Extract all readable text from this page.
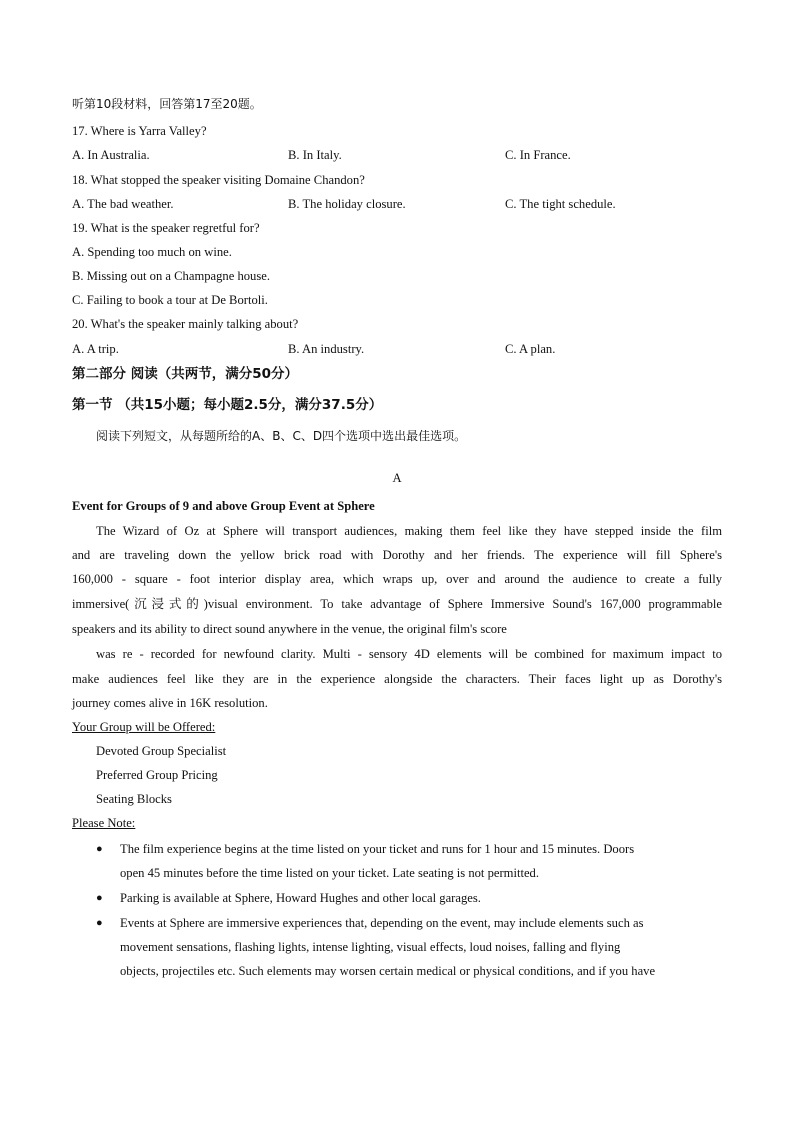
听第10段材料，回答第17至20题。
17. Where is Yarra Valley?
A. In Australia.	B. In Italy.	C. In France.
18. What stopped the speaker visiting Domaine Chandon?
A. The bad weather.	B. The holiday closure.	C. The tight schedule.
19. What is the speaker regretful for?
A. Spending too much on wine.
B. Missing out on a Champagne house.
C. Failing to book a tour at De Bortoli.
20. What's the speaker mainly talking about?
A. A trip.	B. An industry.	C. A plan.
第二部分 阅读（共两节，满分50分）
第一节 （共15小题；每小题2.5分，满分37.5分）
阅读下列短文，从每题所给的A、B、C、D四个选项中选出最佳选项。
A
Event for Groups of 9 and above Group Event at Sphere
The Wizard of Oz at Sphere will transport audiences, making them feel like they have stepped inside the film
and are traveling down the yellow brick road with Dorothy and her friends. The experience will fill Sphere's
160,000 - square - foot interior display area, which wraps up, over and around the audience to create a fully
immersive(沉浸式的)visual environment. To take advantage of Sphere Immersive Sound's 167,000 programmable
speakers and its ability to direct sound anywhere in the venue, the original film's score
was re - recorded for newfound clarity. Multi - sensory 4D elements will be combined for maximum impact to
make audiences feel like they are in the experience alongside the characters. Their faces light up as Dorothy's
journey comes alive in 16K resolution.
Your Group will be Offered:
Devoted Group Specialist
Preferred Group Pricing
Seating Blocks
Please Note:
● The film experience begins at the time listed on your ticket and runs for 1 hour and 15 minutes. Doors
open 45 minutes before the time listed on your ticket. Late seating is not permitted.
● Parking is available at Sphere, Howard Hughes and other local garages.
● Events at Sphere are immersive experiences that, depending on the event, may include elements such as
movement sensations, flashing lights, intense lighting, visual effects, loud noises, falling and flying
objects, projectiles etc. Such elements may worsen certain medical or physical conditions, and if you have
